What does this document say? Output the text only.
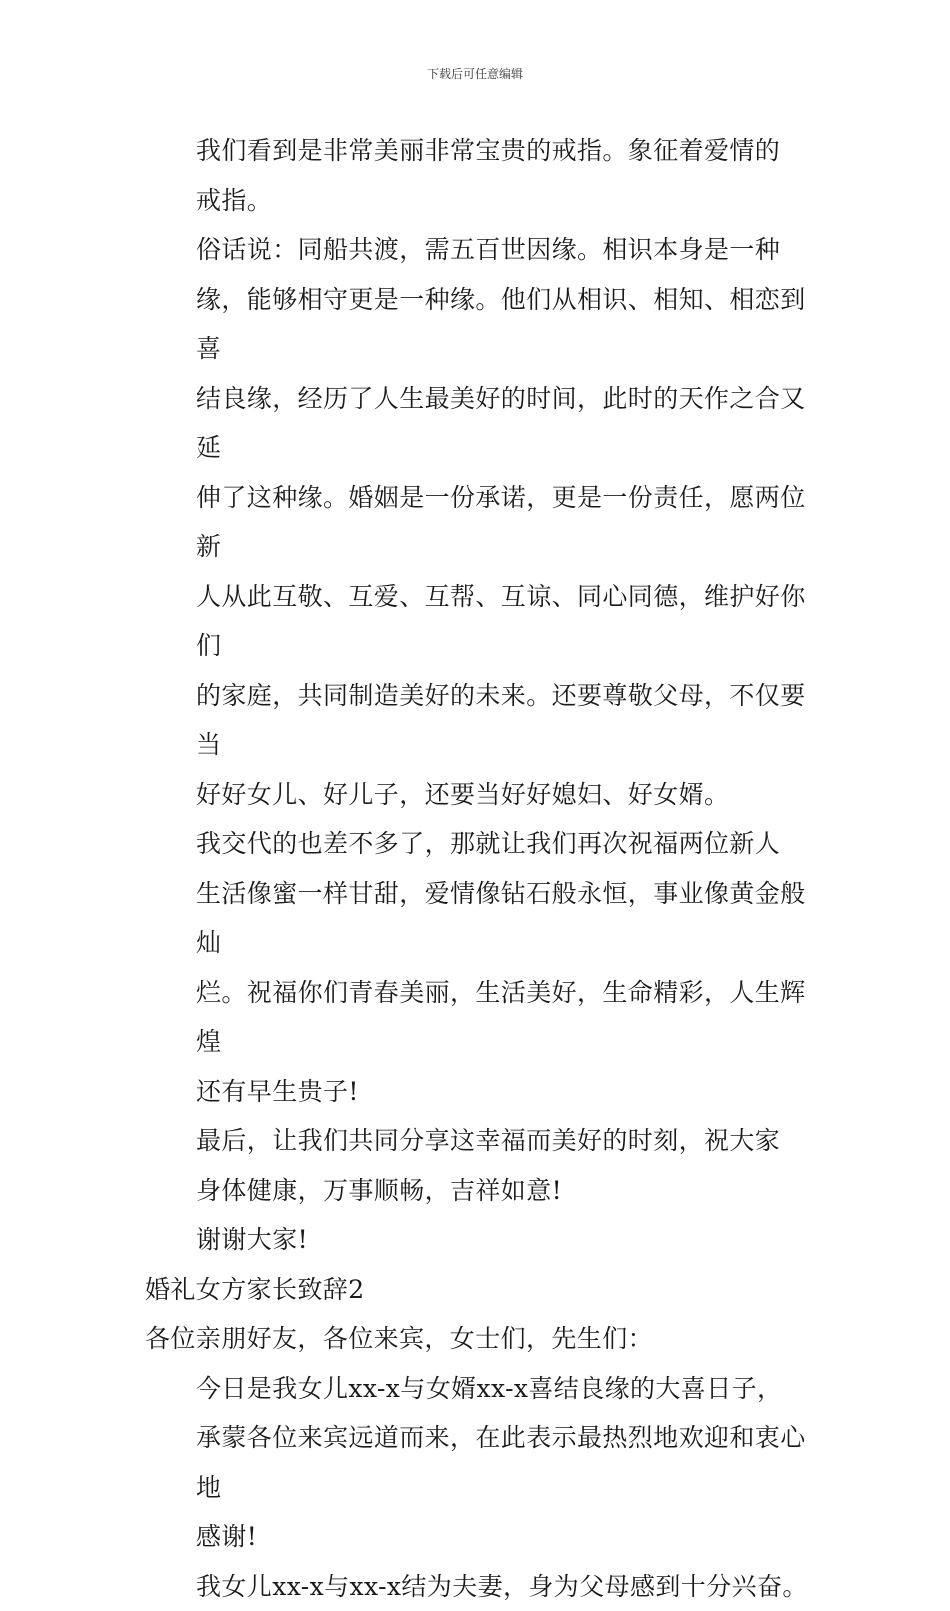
下载后可任意编辑

我们看到是非常美丽非常宝贵的戒指。象征着爱情的
戒指。

俗话说：同船共渡，需五百世因缘。相识本身是一种
缘，能够相守更是一种缘。他们从相识、相知、相恋到喜
结良缘，经历了人生最美好的时间，此时的天作之合又延
伸了这种缘。婚姻是一份承诺，更是一份责任，愿两位新
人从此互敬、互爱、互帮、互谅、同心同德，维护好你们
的家庭，共同制造美好的未来。还要尊敬父母，不仅要当
好好女儿、好儿子，还要当好好媳妇、好女婿。

我交代的也差不多了，那就让我们再次祝福两位新人
生活像蜜一样甘甜，爱情像钻石般永恒，事业像黄金般灿
烂。祝福你们青春美丽，生活美好，生命精彩，人生辉煌
还有早生贵子!

最后，让我们共同分享这幸福而美好的时刻，祝大家
身体健康，万事顺畅，吉祥如意!

谢谢大家!

婚礼女方家长致辞2

各位亲朋好友，各位来宾，女士们，先生们：

今日是我女儿xx-x与女婿xx-x喜结良缘的大喜日子，
承蒙各位来宾远道而来，在此表示最热烈地欢迎和衷心地
感谢!

我女儿xx-x与xx-x结为夫妻，身为父母感到十分兴奋。
